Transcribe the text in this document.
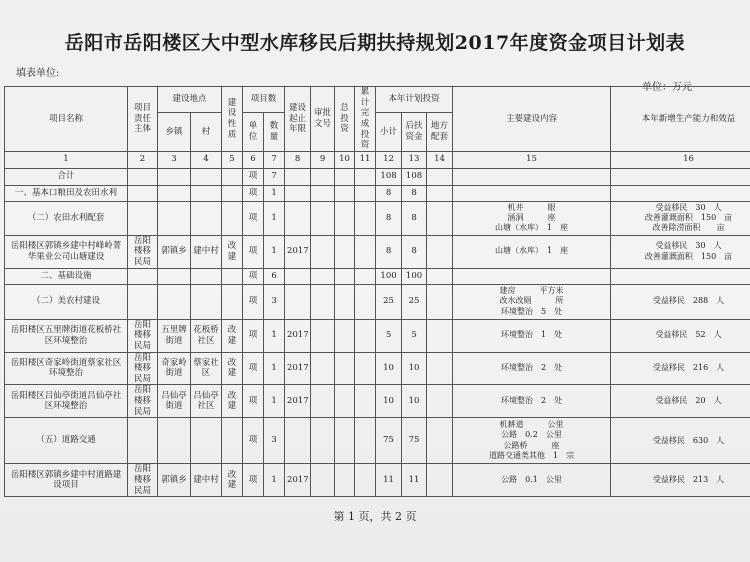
岳阳市岳阳楼区大中型水库移民后期扶持规划2017年度资金项目计划表
填表单位:
单位：万元
项目名称	项目责任主体	建设地点		建设性质	项目数		建设起止年限	审批文号	总投资	累计完成投资	本年计划投资			主要建设内容	本年新增生产能力和效益
		乡镇	村		单位	数量					小计	后扶资金	地方配套		
1	2	3	4	5	6	7	8	9	10	11	12	13	14	15	16
合计					项	7					108	108			
一、基本口粮田及农田水利					项	1					8	8			
（二）农田水利配套					项	1					8	8		机井　　　眼
涵洞　　　座
山塘（水库）　1　座	受益移民　30　人
改善灌溉面积　150　亩
改善除涝面积　　亩
岳阳楼区郭镇乡建中村峰岭菁华果业公司山塘建设	岳阳楼移民局	郭镇乡	建中村	改建	项	1	2017				8	8		山塘（水库）　1　座	受益移民　30　人
改善灌溉面积　150　亩
二、基础设施					项	6					100	100			
（二）美农村建设					项	3					25	25		建房　　　平方米
改水改厕　　　所
环境整治　5　处	受益移民　288　人
岳阳楼区五里牌街道花板桥社区环境整治	岳阳楼移民局	五里牌街道	花板桥社区	改建	项	1	2017				5	5		环境整治　1　处	受益移民　52　人
岳阳楼区奇家岭街道蔡家社区环境整治	岳阳楼移民局	奇家岭街道	蔡家社区	改建	项	1	2017				10	10		环境整治　2　处	受益移民　216　人
岳阳楼区吕仙亭街道吕仙亭社区环境整治	岳阳楼移民局	吕仙亭街道	吕仙亭社区	改建	项	1	2017				10	10		环境整治　2　处	受益移民　20　人
（五）道路交通					项	3					75	75		机耕道　　　公里
公路　0.2　公里
公路桥　　　座
道路交通类其他　1　宗	受益移民　630　人
岳阳楼区郭镇乡建中村道路建设项目	岳阳楼移民局	郭镇乡	建中村	改建	项	1	2017				11	11		公路　0.1　公里	受益移民　213　人
第 1 页，共 2 页
